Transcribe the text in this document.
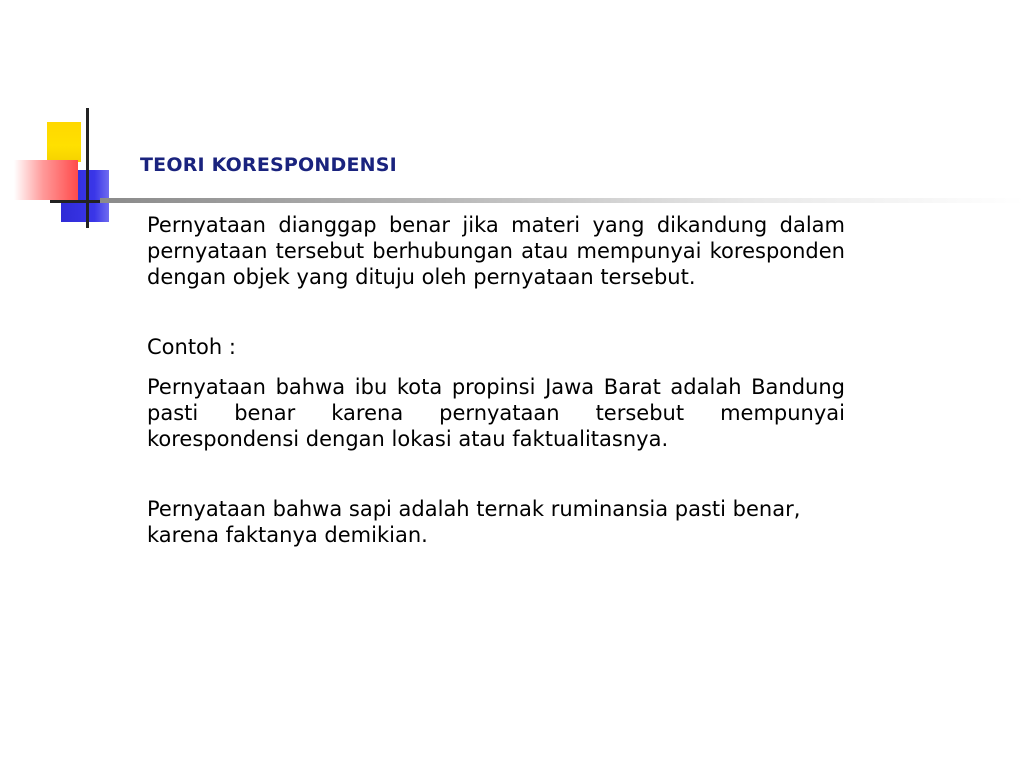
TEORI KORESPONDENSI

Pernyataan dianggap benar jika materi yang dikandung dalam pernyataan tersebut berhubungan atau mempunyai koresponden dengan objek yang dituju oleh pernyataan tersebut.

Contoh :

Pernyataan bahwa ibu kota propinsi Jawa Barat adalah Bandung pasti benar karena pernyataan tersebut mempunyai korespondensi dengan lokasi atau faktualitasnya.

Pernyataan bahwa sapi adalah ternak ruminansia pasti benar, karena faktanya demikian.
